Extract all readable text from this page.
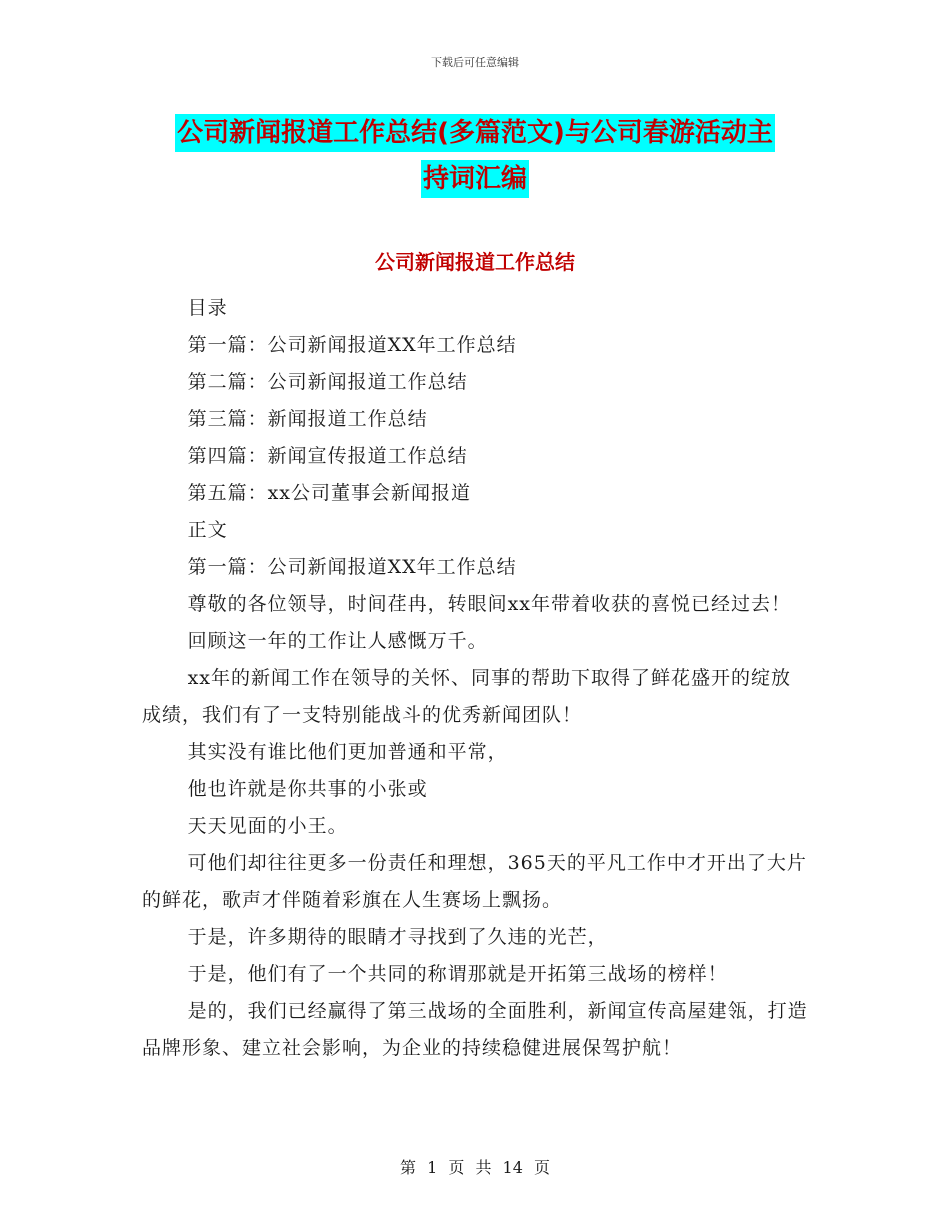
下载后可任意编辑
公司新闻报道工作总结(多篇范文)与公司春游活动主
持词汇编
公司新闻报道工作总结

目录

第一篇：公司新闻报道XX年工作总结

第二篇：公司新闻报道工作总结

第三篇：新闻报道工作总结

第四篇：新闻宣传报道工作总结

第五篇：xx公司董事会新闻报道

正文

第一篇：公司新闻报道XX年工作总结

尊敬的各位领导，时间荏冉，转眼间xx年带着收获的喜悦已经过去！

回顾这一年的工作让人感慨万千。

xx年的新闻工作在领导的关怀、同事的帮助下取得了鲜花盛开的绽放成绩，我们有了一支特别能战斗的优秀新闻团队！

其实没有谁比他们更加普通和平常，

他也许就是你共事的小张或

天天见面的小王。

可他们却往往更多一份责任和理想，365天的平凡工作中才开出了大片的鲜花，歌声才伴随着彩旗在人生赛场上飘扬。

于是，许多期待的眼睛才寻找到了久违的光芒，

于是，他们有了一个共同的称谓那就是开拓第三战场的榜样！

是的，我们已经赢得了第三战场的全面胜利，新闻宣传高屋建瓴，打造品牌形象、建立社会影响，为企业的持续稳健进展保驾护航！

第 1 页 共 14 页
